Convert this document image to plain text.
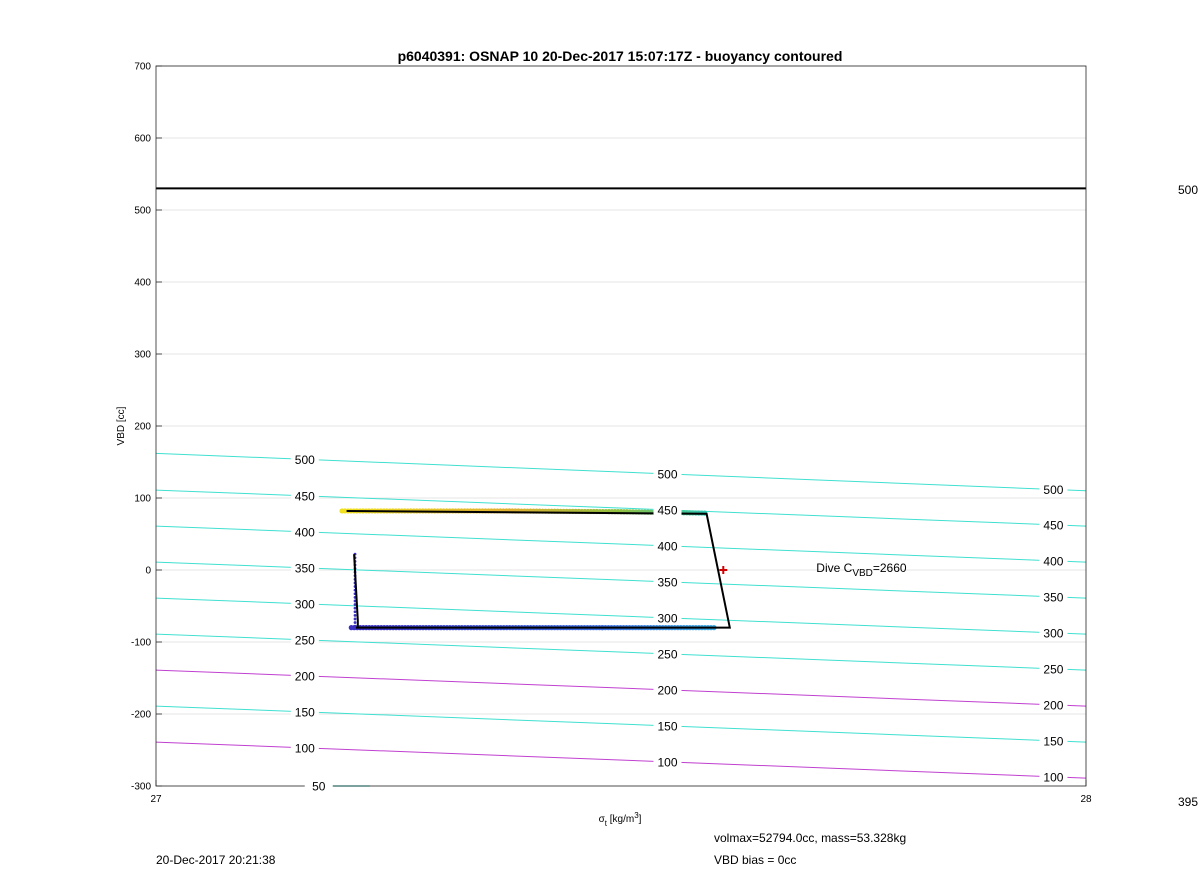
-300
-200
-100
0
100
200
300
400
500
600
700
27	28
500
500
500
450
450
450
400
400
400
350
350
350
300
300
300
250
250
250
200
200
200
150
150
150
100
100
100
50
p6040391: OSNAP 10 20-Dec-2017 15:07:17Z - buoyancy contoured
VBD [cc]
$\sigma_t$ $[kg/m^3]$
Dive $C_{VBD}=2660$
500
395
20-Dec-2017 20:21:38
volmax=52794.0cc, mass=53.328kg
VBD bias = 0cc
